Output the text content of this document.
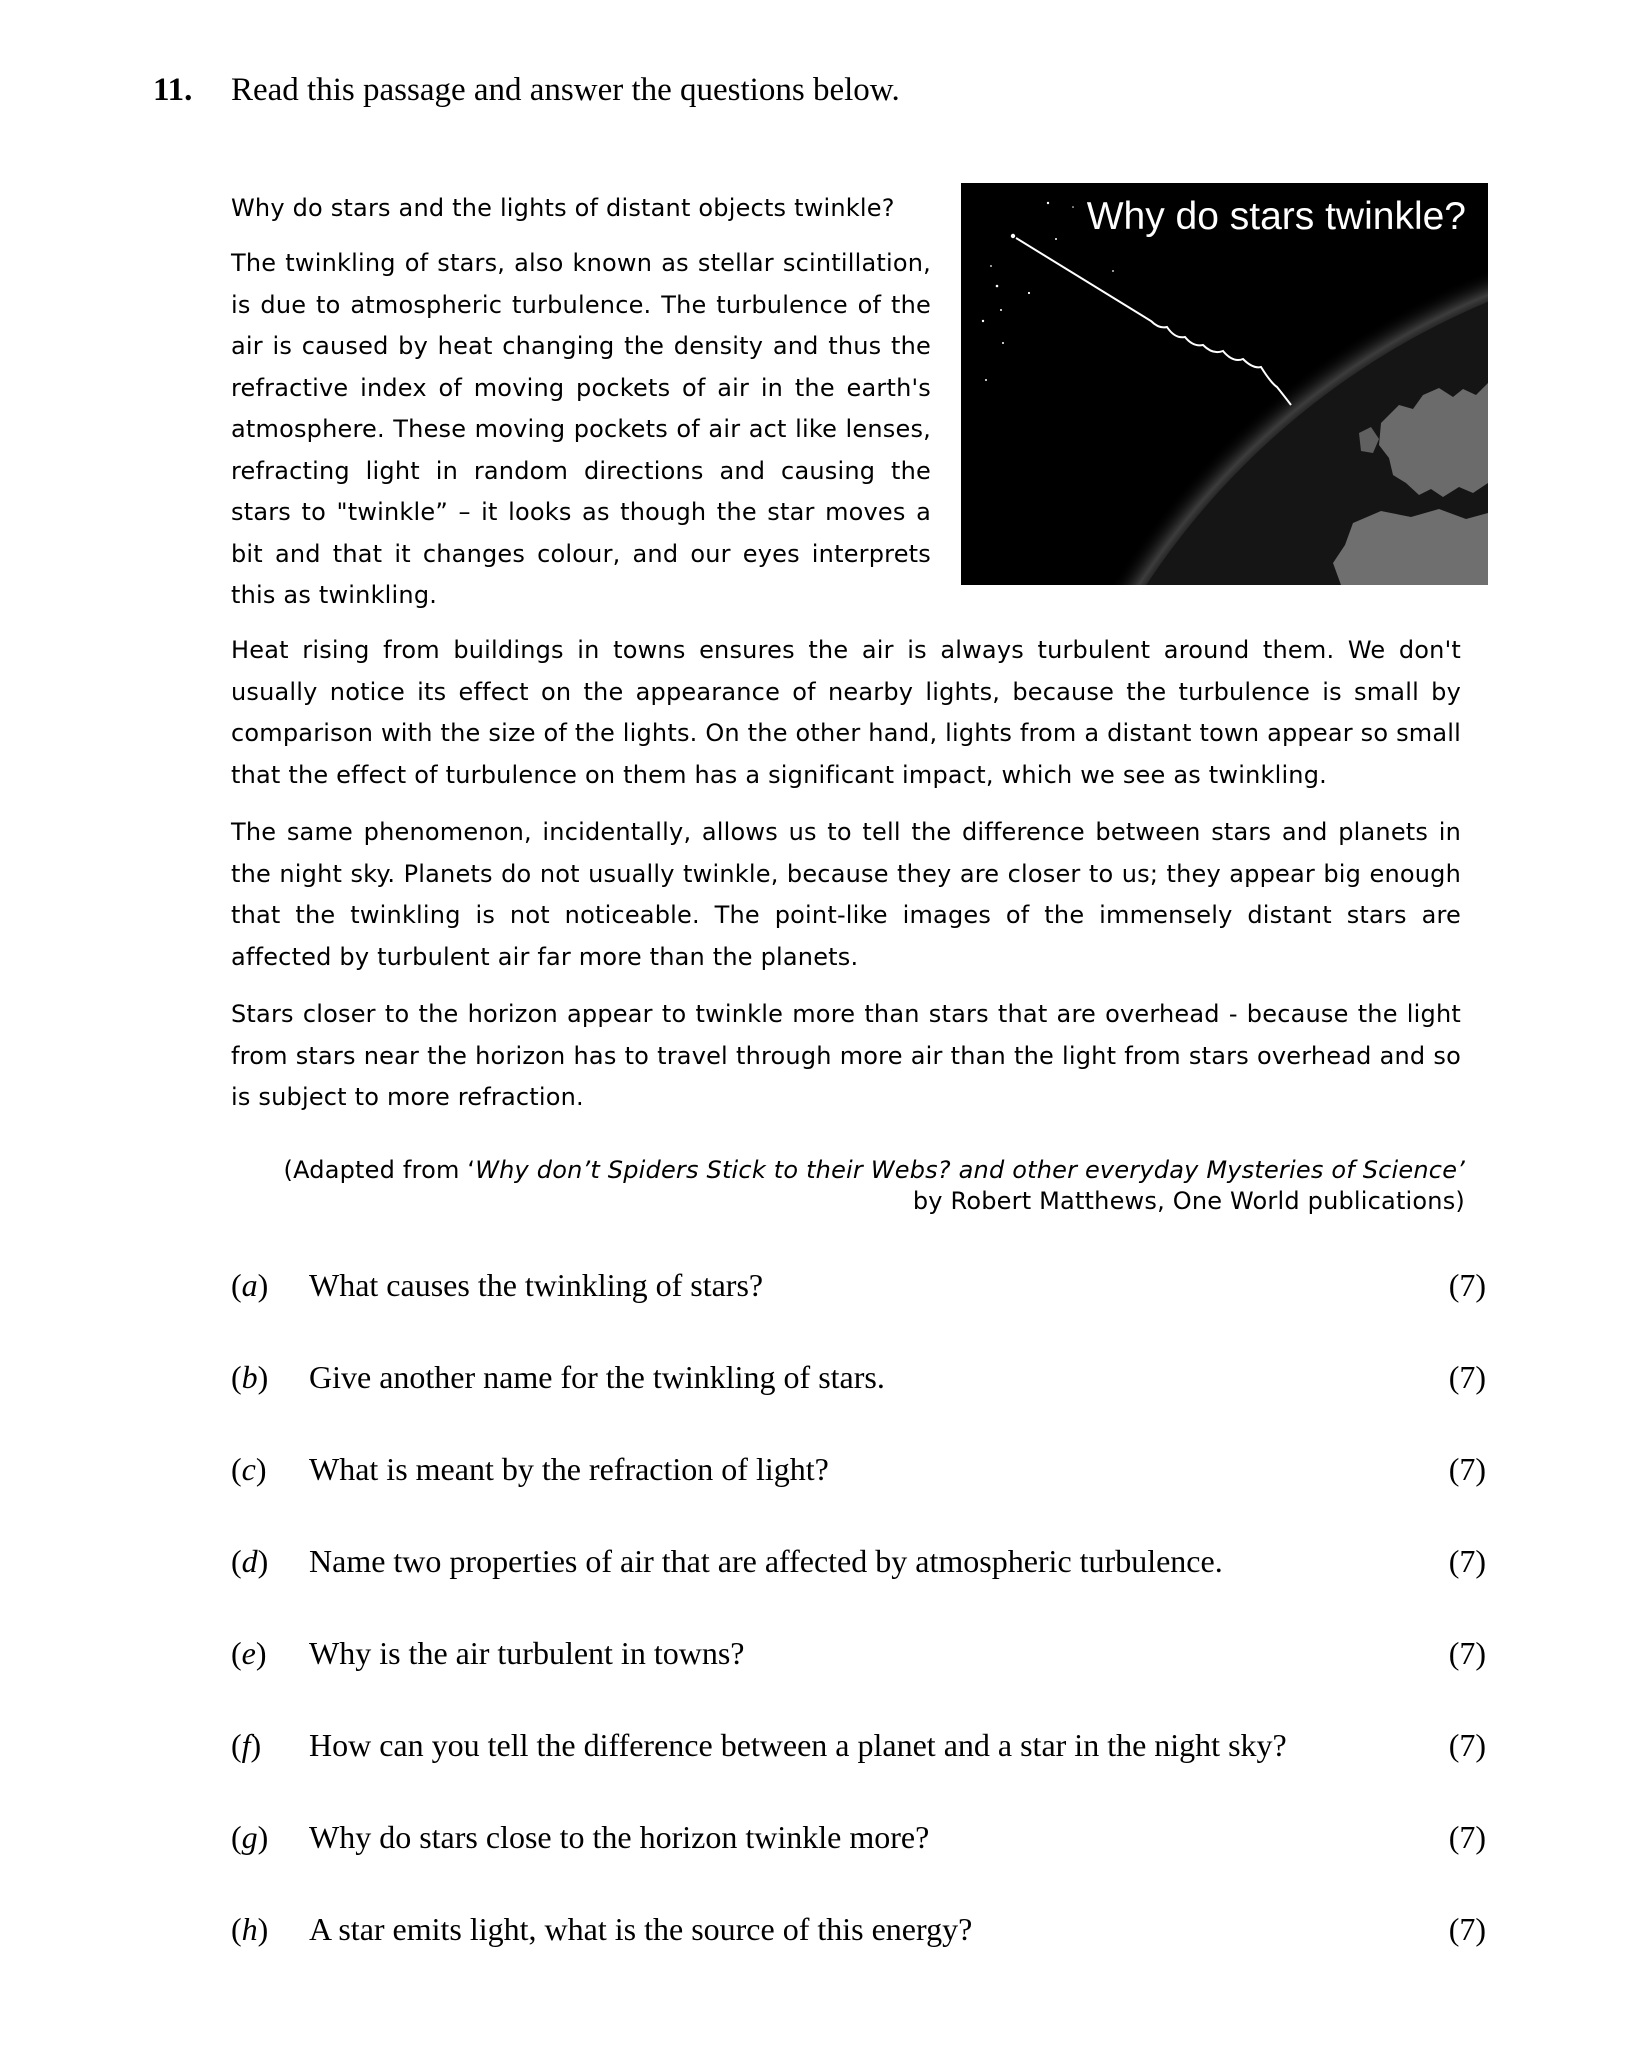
11. Read this passage and answer the questions below.
Why do stars and the lights of distant objects twinkle?

The twinkling of stars, also known as stellar scintillation, is due to atmospheric turbulence. The turbulence of the air is caused by heat changing the density and thus the refractive index of moving pockets of air in the earth's atmosphere. These moving pockets of air act like lenses, refracting light in random directions and causing the stars to "twinkle” – it looks as though the star moves a bit and that it changes colour, and our eyes interprets this as twinkling.

Why do stars twinkle?

Heat rising from buildings in towns ensures the air is always turbulent around them. We don't usually notice its effect on the appearance of nearby lights, because the turbulence is small by comparison with the size of the lights. On the other hand, lights from a distant town appear so small that the effect of turbulence on them has a significant impact, which we see as twinkling.

The same phenomenon, incidentally, allows us to tell the difference between stars and planets in the night sky. Planets do not usually twinkle, because they are closer to us; they appear big enough that the twinkling is not noticeable. The point-like images of the immensely distant stars are affected by turbulent air far more than the planets.

Stars closer to the horizon appear to twinkle more than stars that are overhead - because the light from stars near the horizon has to travel through more air than the light from stars overhead and so is subject to more refraction.

(Adapted from ‘Why don’t Spiders Stick to their Webs? and other everyday Mysteries of Science’
by Robert Matthews, One World publications)
(a) What causes the twinkling of stars?	(7)
(b) Give another name for the twinkling of stars.	(7)
(c) What is meant by the refraction of light?	(7)
(d) Name two properties of air that are affected by atmospheric turbulence.	(7)
(e) Why is the air turbulent in towns?	(7)
(f) How can you tell the difference between a planet and a star in the night sky?	(7)
(g) Why do stars close to the horizon twinkle more?	(7)
(h) A star emits light, what is the source of this energy?	(7)
